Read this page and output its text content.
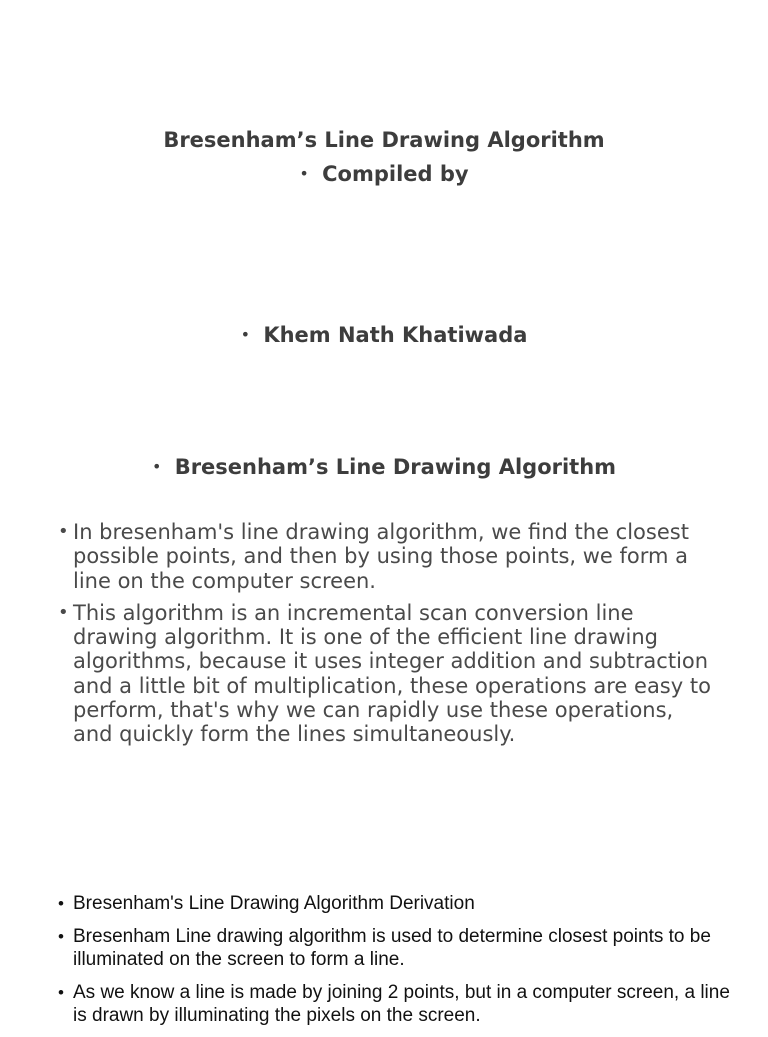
Bresenham’s Line Drawing Algorithm
• Compiled by
• Khem Nath Khatiwada
• Bresenham’s Line Drawing Algorithm
• In bresenham's line drawing algorithm, we find the closest possible points, and then by using those points, we form a line on the computer screen.
• This algorithm is an incremental scan conversion line drawing algorithm. It is one of the efficient line drawing algorithms, because it uses integer addition and subtraction and a little bit of multiplication, these operations are easy to perform, that's why we can rapidly use these operations, and quickly form the lines simultaneously.
• Bresenham's Line Drawing Algorithm Derivation
• Bresenham Line drawing algorithm is used to determine closest points to be illuminated on the screen to form a line.
• As we know a line is made by joining 2 points, but in a computer screen, a line is drawn by illuminating the pixels on the screen.
